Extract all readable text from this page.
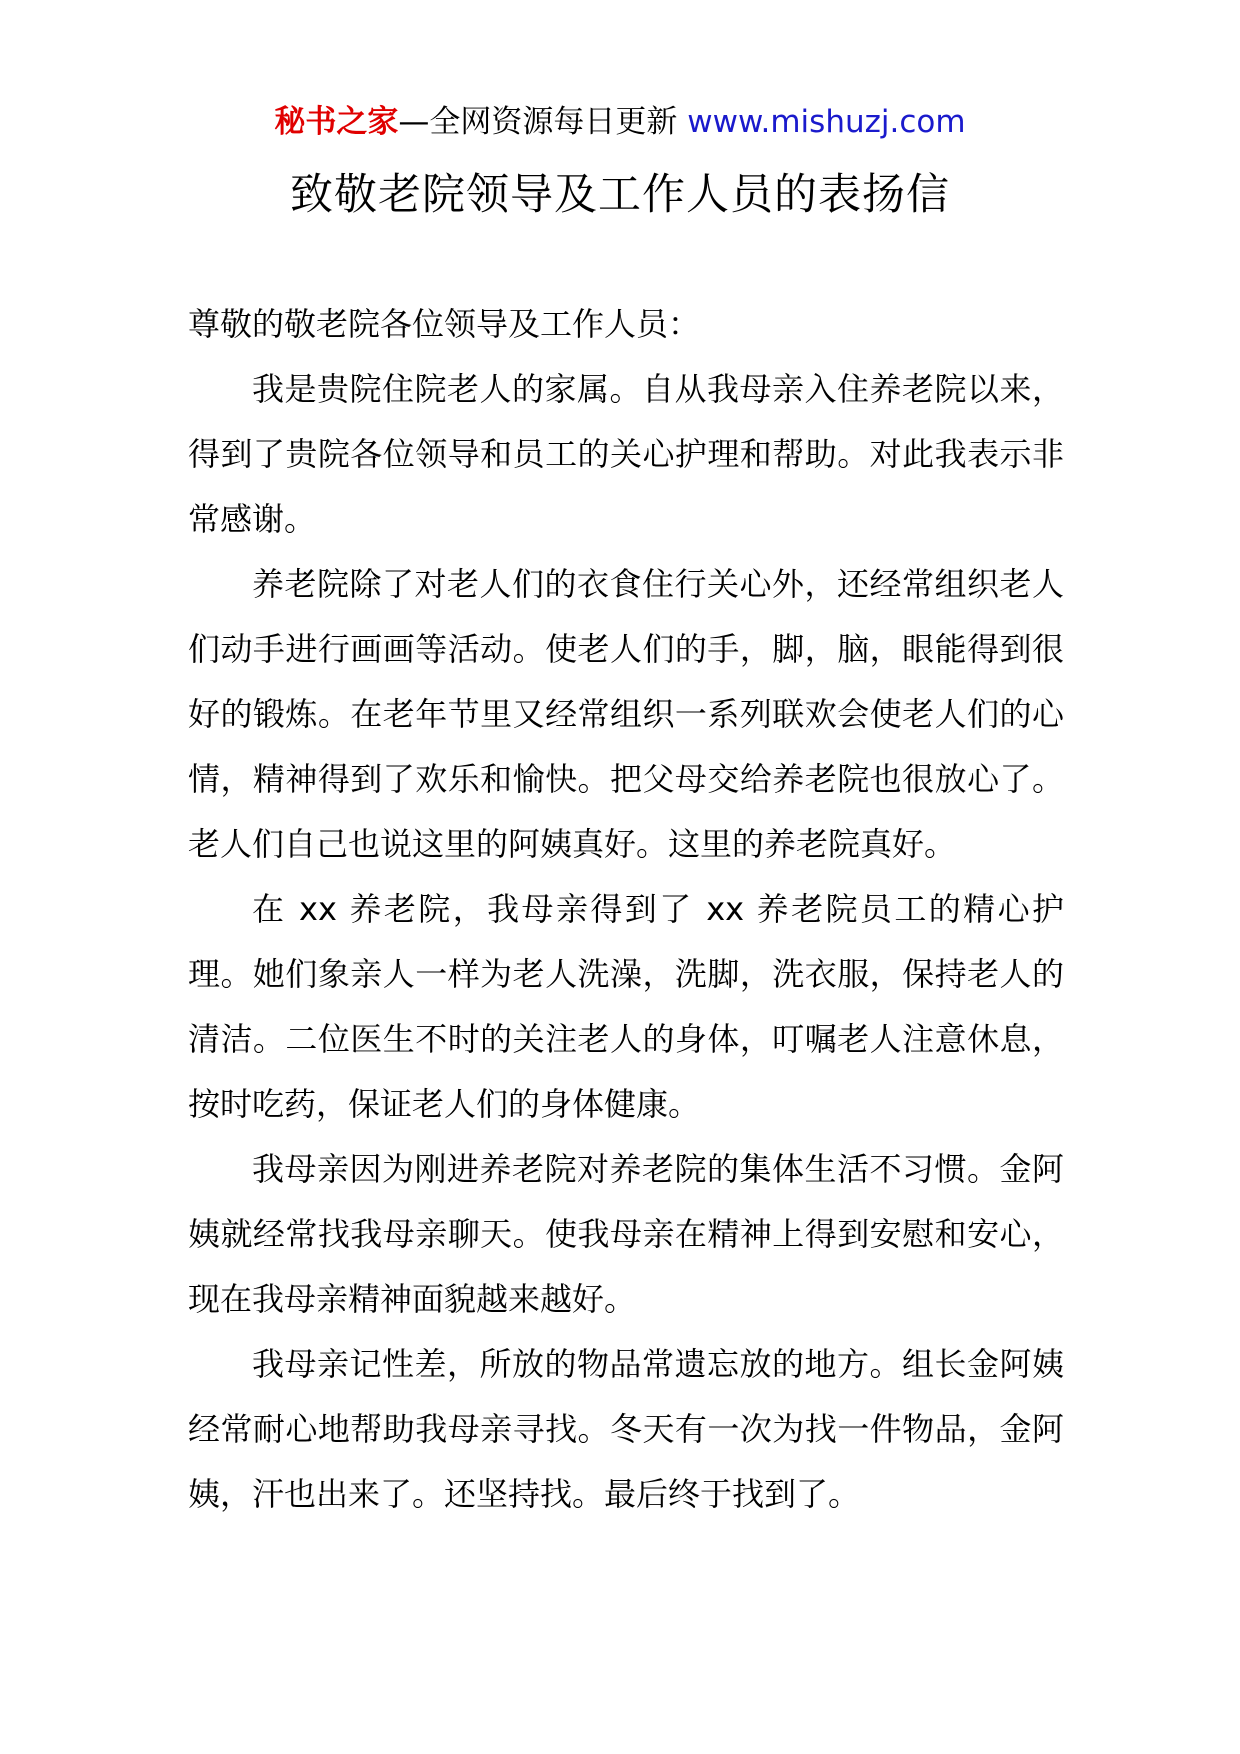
秘书之家—全网资源每日更新 www.mishuzj.com
致敬老院领导及工作人员的表扬信

尊敬的敬老院各位领导及工作人员：

我是贵院住院老人的家属。自从我母亲入住养老院以来，得到了贵院各位领导和员工的关心护理和帮助。对此我表示非常感谢。

养老院除了对老人们的衣食住行关心外，还经常组织老人们动手进行画画等活动。使老人们的手，脚，脑，眼能得到很好的锻炼。在老年节里又经常组织一系列联欢会使老人们的心情，精神得到了欢乐和愉快。把父母交给养老院也很放心了。老人们自己也说这里的阿姨真好。这里的养老院真好。

在 xx 养老院，我母亲得到了 xx 养老院员工的精心护理。她们象亲人一样为老人洗澡，洗脚，洗衣服，保持老人的清洁。二位医生不时的关注老人的身体，叮嘱老人注意休息，按时吃药，保证老人们的身体健康。

我母亲因为刚进养老院对养老院的集体生活不习惯。金阿姨就经常找我母亲聊天。使我母亲在精神上得到安慰和安心，现在我母亲精神面貌越来越好。

我母亲记性差，所放的物品常遗忘放的地方。组长金阿姨经常耐心地帮助我母亲寻找。冬天有一次为找一件物品，金阿姨，汗也出来了。还坚持找。最后终于找到了。
